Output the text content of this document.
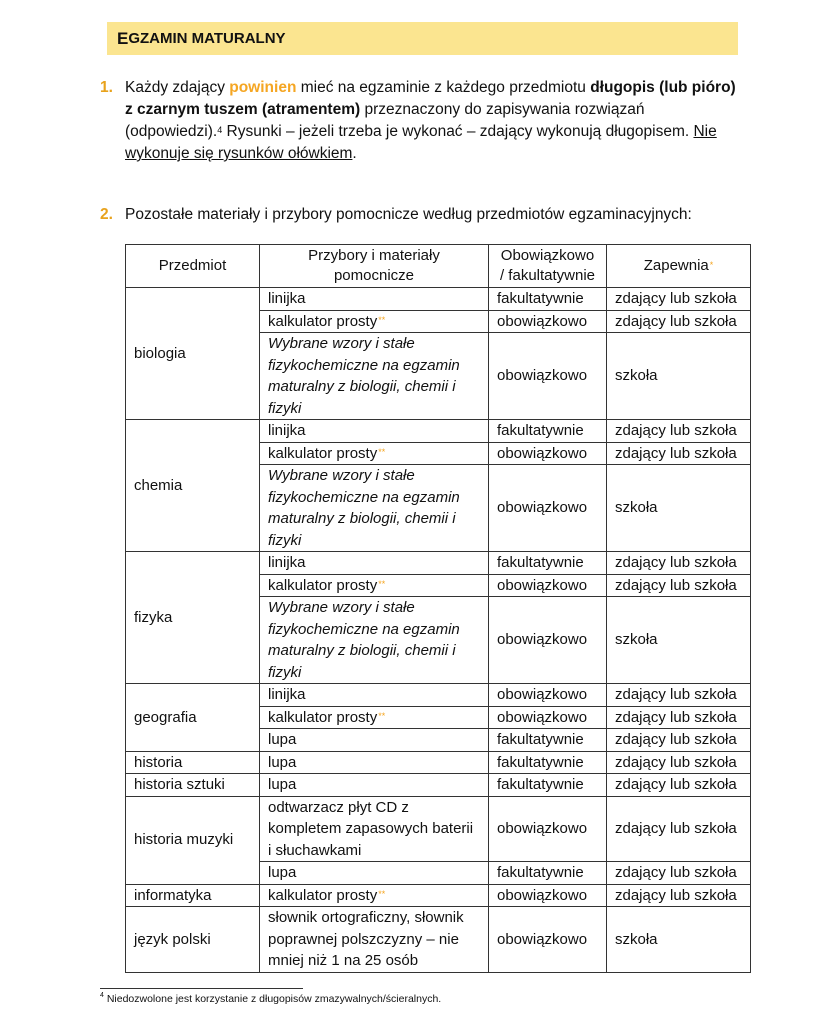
E GZAMIN MATURALNY
1. Każdy zdający powinien mieć na egzaminie z każdego przedmiotu długopis (lub pióro) z czarnym tuszem (atramentem) przeznaczony do zapisywania rozwiązań (odpowiedzi).$^4$ Rysunki – jeżeli trzeba je wykonać – zdający wykonują długopisem. Nie wykonuje się rysunków ołówkiem.
2. Pozostałe materiały i przybory pomocnicze według przedmiotów egzaminacyjnych:
Przedmiot	Przybory i materiały pomocnicze	Obowiązkowo / fakultatywnie	Zapewnia*
biologia	linijka	fakultatywnie	zdający lub szkoła
	kalkulator prosty**	obowiązkowo	zdający lub szkoła
	Wybrane wzory i stałe fizykochemiczne na egzamin maturalny z biologii, chemii i fizyki	obowiązkowo	szkoła
chemia	linijka	fakultatywnie	zdający lub szkoła
	kalkulator prosty**	obowiązkowo	zdający lub szkoła
	Wybrane wzory i stałe fizykochemiczne na egzamin maturalny z biologii, chemii i fizyki	obowiązkowo	szkoła
fizyka	linijka	fakultatywnie	zdający lub szkoła
	kalkulator prosty**	obowiązkowo	zdający lub szkoła
	Wybrane wzory i stałe fizykochemiczne na egzamin maturalny z biologii, chemii i fizyki	obowiązkowo	szkoła
geografia	linijka	obowiązkowo	zdający lub szkoła
	kalkulator prosty**	obowiązkowo	zdający lub szkoła
	lupa	fakultatywnie	zdający lub szkoła
historia	lupa	fakultatywnie	zdający lub szkoła
historia sztuki	lupa	fakultatywnie	zdający lub szkoła
historia muzyki	odtwarzacz płyt CD z kompletem zapasowych baterii i słuchawkami	obowiązkowo	zdający lub szkoła
	lupa	fakultatywnie	zdający lub szkoła
informatyka	kalkulator prosty**	obowiązkowo	zdający lub szkoła
język polski	słownik ortograficzny, słownik poprawnej polszczyzny – nie mniej niż 1 na 25 osób	obowiązkowo	szkoła
$^4$ Niedozwolone jest korzystanie z długopisów zmazywalnych/ścieralnych.
